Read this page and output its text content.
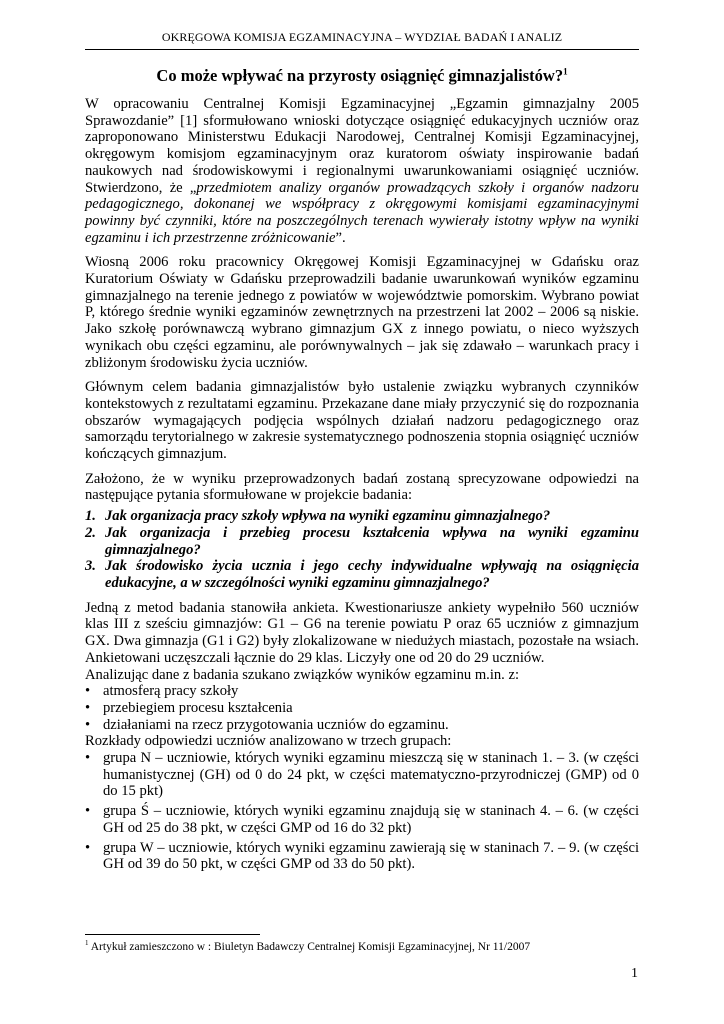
OKRĘGOWA KOMISJA EGZAMINACYJNA – WYDZIAŁ BADAŃ I ANALIZ
Co może wpływać na przyrosty osiągnięć gimnazjalistów?$^1$

W opracowaniu Centralnej Komisji Egzaminacyjnej „Egzamin gimnazjalny 2005 Sprawozdanie” [1] sformułowano wnioski dotyczące osiągnięć edukacyjnych uczniów oraz zaproponowano Ministerstwu Edukacji Narodowej, Centralnej Komisji Egzaminacyjnej, okręgowym komisjom egzaminacyjnym oraz kuratorom oświaty inspirowanie badań naukowych nad środowiskowymi i regionalnymi uwarunkowaniami osiągnięć uczniów. Stwierdzono, że „przedmiotem analizy organów prowadzących szkoły i organów nadzoru pedagogicznego, dokonanej we współpracy z okręgowymi komisjami egzaminacyjnymi powinny być czynniki, które na poszczególnych terenach wywierały istotny wpływ na wyniki egzaminu i ich przestrzenne zróżnicowanie”.

Wiosną 2006 roku pracownicy Okręgowej Komisji Egzaminacyjnej w Gdańsku oraz Kuratorium Oświaty w Gdańsku przeprowadzili badanie uwarunkowań wyników egzaminu gimnazjalnego na terenie jednego z powiatów w województwie pomorskim. Wybrano powiat P, którego średnie wyniki egzaminów zewnętrznych na przestrzeni lat 2002 – 2006 są niskie. Jako szkołę porównawczą wybrano gimnazjum GX z innego powiatu, o nieco wyższych wynikach obu części egzaminu, ale porównywalnych – jak się zdawało – warunkach pracy i zbliżonym środowisku życia uczniów.

Głównym celem badania gimnazjalistów było ustalenie związku wybranych czynników kontekstowych z rezultatami egzaminu. Przekazane dane miały przyczynić się do rozpoznania obszarów wymagających podjęcia wspólnych działań nadzoru pedagogicznego oraz samorządu terytorialnego w zakresie systematycznego podnoszenia stopnia osiągnięć uczniów kończących gimnazjum.

Założono, że w wyniku przeprowadzonych badań zostaną sprecyzowane odpowiedzi na następujące pytania sformułowane w projekcie badania:

1. Jak organizacja pracy szkoły wpływa na wyniki egzaminu gimnazjalnego?
2. Jak organizacja i przebieg procesu kształcenia wpływa na wyniki egzaminu gimnazjalnego?
3. Jak środowisko życia ucznia i jego cechy indywidualne wpływają na osiągnięcia edukacyjne, a w szczególności wyniki egzaminu gimnazjalnego?

Jedną z metod badania stanowiła ankieta. Kwestionariusze ankiety wypełniło 560 uczniów klas III z sześciu gimnazjów: G1 – G6 na terenie powiatu P oraz 65 uczniów z gimnazjum GX. Dwa gimnazja (G1 i G2) były zlokalizowane w niedużych miastach, pozostałe na wsiach. Ankietowani uczęszczali łącznie do 29 klas. Liczyły one od 20 do 29 uczniów.

Analizując dane z badania szukano związków wyników egzaminu m.in. z:

• atmosferą pracy szkoły
• przebiegiem procesu kształcenia
• działaniami na rzecz przygotowania uczniów do egzaminu.

Rozkłady odpowiedzi uczniów analizowano w trzech grupach:

• grupa N – uczniowie, których wyniki egzaminu mieszczą się w staninach 1. – 3. (w części humanistycznej (GH) od 0 do 24 pkt, w części matematyczno-przyrodniczej (GMP) od 0 do 15 pkt)
• grupa Ś – uczniowie, których wyniki egzaminu znajdują się w staninach 4. – 6. (w części GH od 25 do 38 pkt, w części GMP od 16 do 32 pkt)
• grupa W – uczniowie, których wyniki egzaminu zawierają się w staninach 7. – 9. (w części GH od 39 do 50 pkt, w części GMP od 33 do 50 pkt).
$^1$ Artykuł zamieszczono w : Biuletyn Badawczy Centralnej Komisji Egzaminacyjnej, Nr 11/2007
1
